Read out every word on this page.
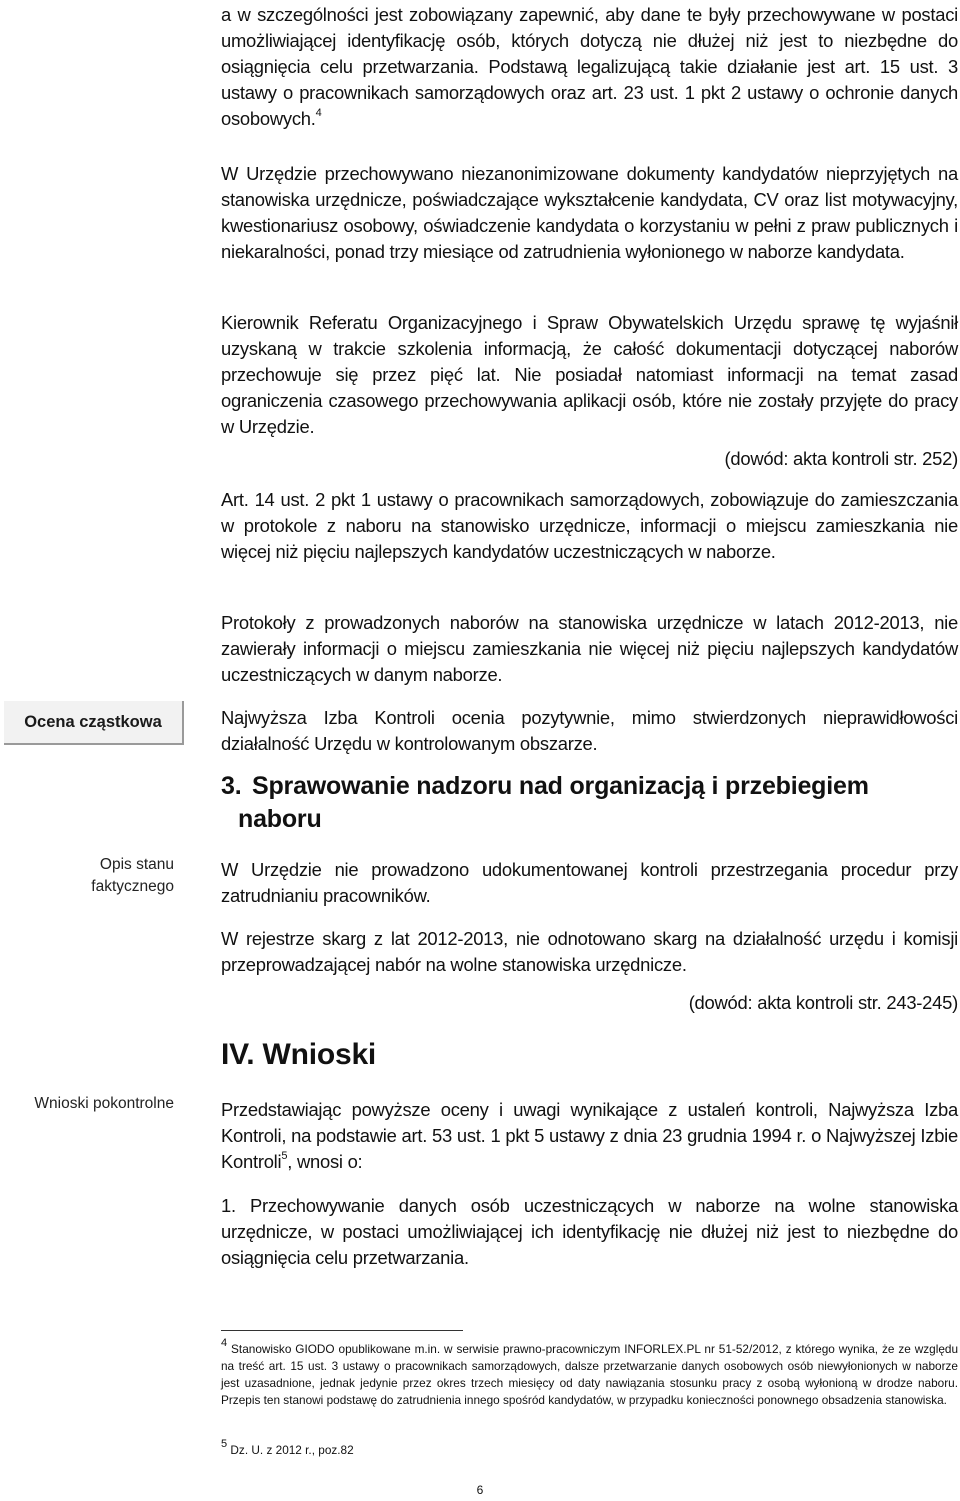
a w szczególności jest zobowiązany zapewnić, aby dane te były przechowywane w postaci umożliwiającej identyfikację osób, których dotyczą nie dłużej niż jest to niezbędne do osiągnięcia celu przetwarzania. Podstawą legalizującą takie działanie jest art. 15 ust. 3 ustawy o pracownikach samorządowych oraz art. 23 ust. 1 pkt 2 ustawy o ochronie danych osobowych.$^4$

W Urzędzie przechowywano niezanonimizowane dokumenty kandydatów nieprzyjętych na stanowiska urzędnicze, poświadczające wykształcenie kandydata, CV oraz list motywacyjny, kwestionariusz osobowy, oświadczenie kandydata o korzystaniu w pełni z praw publicznych i niekaralności, ponad trzy miesiące od zatrudnienia wyłonionego w naborze kandydata.

Kierownik Referatu Organizacyjnego i Spraw Obywatelskich Urzędu sprawę tę wyjaśnił uzyskaną w trakcie szkolenia informacją, że całość dokumentacji dotyczącej naborów przechowuje się przez pięć lat. Nie posiadał natomiast informacji na temat zasad ograniczenia czasowego przechowywania aplikacji osób, które nie zostały przyjęte do pracy w Urzędzie.

(dowód: akta kontroli str. 252)

Art. 14 ust. 2 pkt 1 ustawy o pracownikach samorządowych, zobowiązuje do zamieszczania w protokole z naboru na stanowisko urzędnicze, informacji o miejscu zamieszkania nie więcej niż pięciu najlepszych kandydatów uczestniczących w naborze.

Protokoły z prowadzonych naborów na stanowiska urzędnicze w latach 2012-2013, nie zawierały informacji o miejscu zamieszkania nie więcej niż pięciu najlepszych kandydatów uczestniczących w danym naborze.

Najwyższa Izba Kontroli ocenia pozytywnie, mimo stwierdzonych nieprawidłowości działalność Urzędu w kontrolowanym obszarze.

3. Sprawowanie nadzoru nad organizacją i przebiegiem
naboru

W Urzędzie nie prowadzono udokumentowanej kontroli przestrzegania procedur przy zatrudnianiu pracowników.

W rejestrze skarg z lat 2012-2013, nie odnotowano skarg na działalność urzędu i komisji przeprowadzającej nabór na wolne stanowiska urzędnicze.

(dowód: akta kontroli str. 243-245)

IV. Wnioski

Przedstawiając powyższe oceny i uwagi wynikające z ustaleń kontroli, Najwyższa Izba Kontroli, na podstawie art. 53 ust. 1 pkt 5 ustawy z dnia 23 grudnia 1994 r. o Najwyższej Izbie Kontroli$^5$, wnosi o:

1. Przechowywanie danych osób uczestniczących w naborze na wolne stanowiska urzędnicze, w postaci umożliwiającej ich identyfikację nie dłużej niż jest to niezbędne do osiągnięcia celu przetwarzania.

Ocena cząstkowa
Opis stanu
faktycznego
Wnioski pokontrolne

$^4$ Stanowisko GIODO opublikowane m.in. w serwisie prawno-pracowniczym INFORLEX.PL nr 51-52/2012, z którego wynika, że ze względu na treść art. 15 ust. 3 ustawy o pracownikach samorządowych, dalsze przetwarzanie danych osobowych osób niewyłonionych w naborze jest uzasadnione, jednak jedynie przez okres trzech miesięcy od daty nawiązania stosunku pracy z osobą wyłonioną w drodze naboru. Przepis ten stanowi podstawę do zatrudnienia innego spośród kandydatów, w przypadku konieczności ponownego obsadzenia stanowiska.

$^5$ Dz. U. z 2012 r., poz.82

6
